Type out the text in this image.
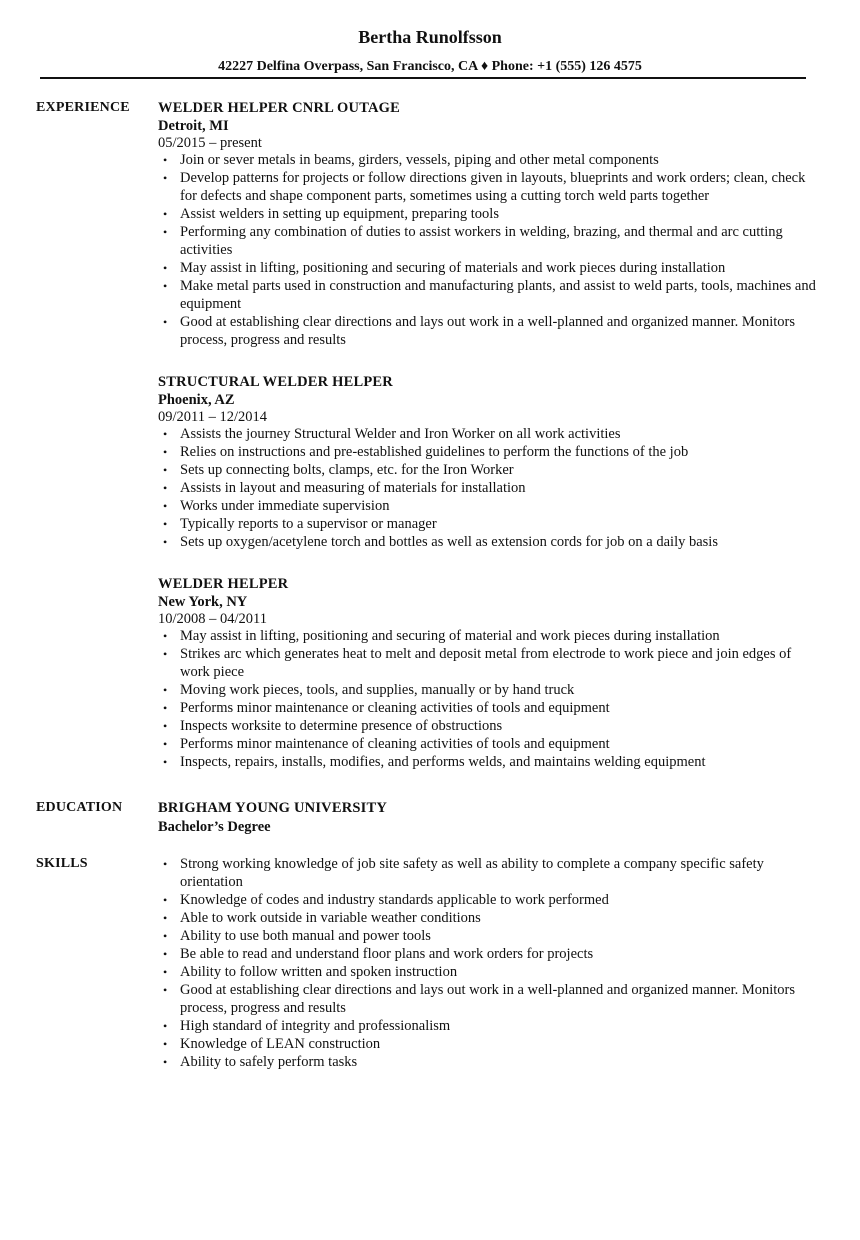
Bertha Runolfsson
42227 Delfina Overpass, San Francisco, CA ♦ Phone: +1 (555) 126 4575
EXPERIENCE WELDER HELPER CNRL OUTAGE
Detroit, MI
05/2015 – present
• Join or sever metals in beams, girders, vessels, piping and other metal components
• Develop patterns for projects or follow directions given in layouts, blueprints and work orders; clean, check for defects and shape component parts, sometimes using a cutting torch weld parts together
• Assist welders in setting up equipment, preparing tools
• Performing any combination of duties to assist workers in welding, brazing, and thermal and arc cutting activities
• May assist in lifting, positioning and securing of materials and work pieces during installation
• Make metal parts used in construction and manufacturing plants, and assist to weld parts, tools, machines and equipment
• Good at establishing clear directions and lays out work in a well-planned and organized manner. Monitors process, progress and results
STRUCTURAL WELDER HELPER
Phoenix, AZ
09/2011 – 12/2014
• Assists the journey Structural Welder and Iron Worker on all work activities
• Relies on instructions and pre-established guidelines to perform the functions of the job
• Sets up connecting bolts, clamps, etc. for the Iron Worker
• Assists in layout and measuring of materials for installation
• Works under immediate supervision
• Typically reports to a supervisor or manager
• Sets up oxygen/acetylene torch and bottles as well as extension cords for job on a daily basis
WELDER HELPER
New York, NY
10/2008 – 04/2011
• May assist in lifting, positioning and securing of material and work pieces during installation
• Strikes arc which generates heat to melt and deposit metal from electrode to work piece and join edges of work piece
• Moving work pieces, tools, and supplies, manually or by hand truck
• Performs minor maintenance or cleaning activities of tools and equipment
• Inspects worksite to determine presence of obstructions
• Performs minor maintenance of cleaning activities of tools and equipment
• Inspects, repairs, installs, modifies, and performs welds, and maintains welding equipment
EDUCATION BRIGHAM YOUNG UNIVERSITY
Bachelor’s Degree
SKILLS	• Strong working knowledge of job site safety as well as ability to complete a company specific safety orientation
• Knowledge of codes and industry standards applicable to work performed
• Able to work outside in variable weather conditions
• Ability to use both manual and power tools
• Be able to read and understand floor plans and work orders for projects
• Ability to follow written and spoken instruction
• Good at establishing clear directions and lays out work in a well-planned and organized manner. Monitors process, progress and results
• High standard of integrity and professionalism
• Knowledge of LEAN construction
• Ability to safely perform tasks
